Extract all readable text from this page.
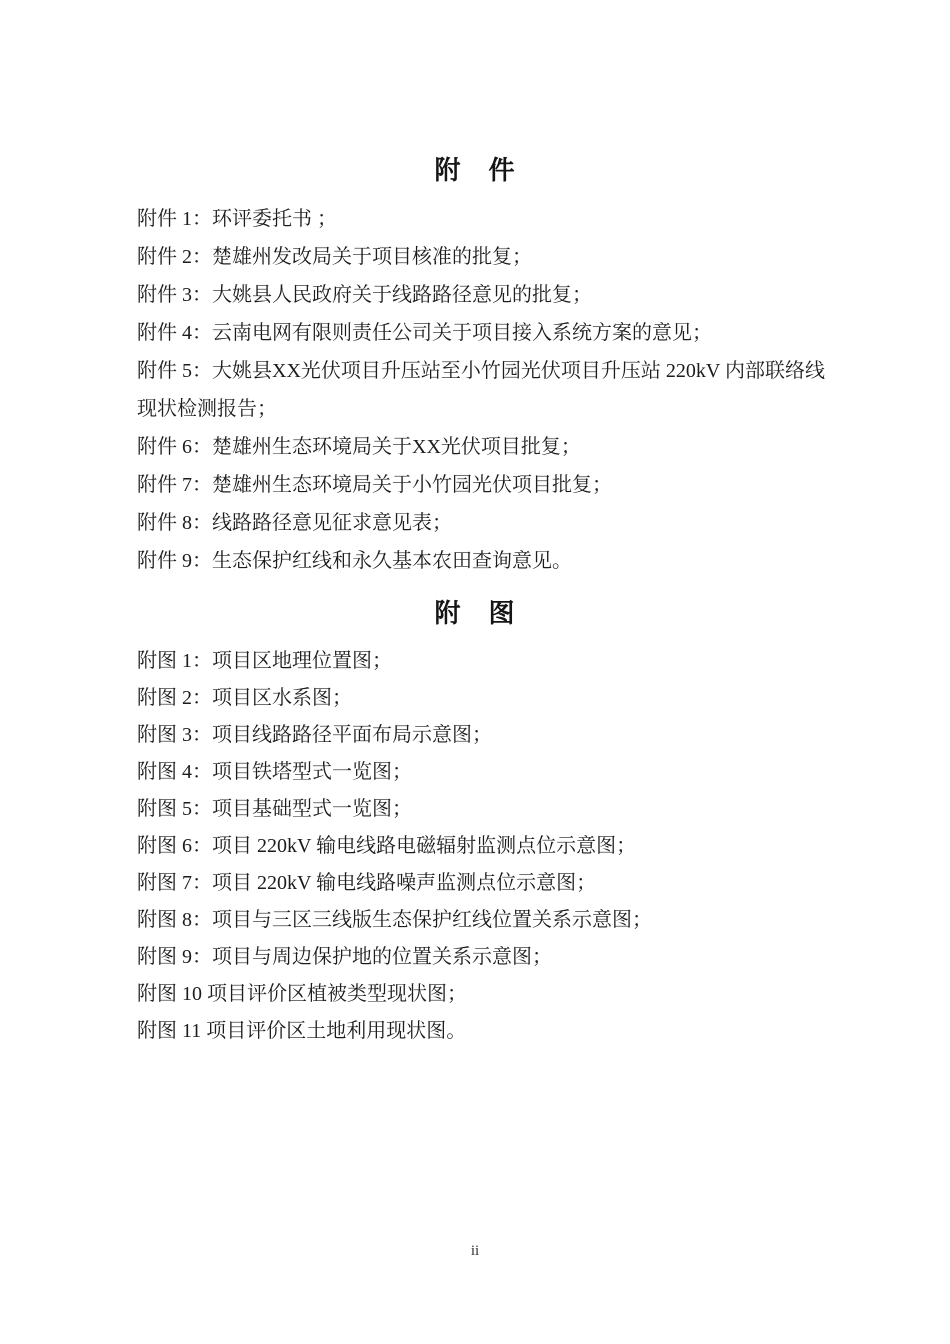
附　件

附件 1：环评委托书 ；

附件 2：楚雄州发改局关于项目核准的批复；

附件 3：大姚县人民政府关于线路路径意见的批复；

附件 4：云南电网有限则责任公司关于项目接入系统方案的意见；

附件 5：大姚县XX光伏项目升压站至小竹园光伏项目升压站 220kV 内部联络线

现状检测报告；

附件 6：楚雄州生态环境局关于XX光伏项目批复；

附件 7：楚雄州生态环境局关于小竹园光伏项目批复；

附件 8：线路路径意见征求意见表；

附件 9：生态保护红线和永久基本农田查询意见。

附　图

附图 1：项目区地理位置图；

附图 2：项目区水系图；

附图 3：项目线路路径平面布局示意图；

附图 4：项目铁塔型式一览图；

附图 5：项目基础型式一览图；

附图 6：项目 220kV 输电线路电磁辐射监测点位示意图；

附图 7：项目 220kV 输电线路噪声监测点位示意图；

附图 8：项目与三区三线版生态保护红线位置关系示意图；

附图 9：项目与周边保护地的位置关系示意图；

附图 10 项目评价区植被类型现状图；

附图 11 项目评价区土地利用现状图。

ii
